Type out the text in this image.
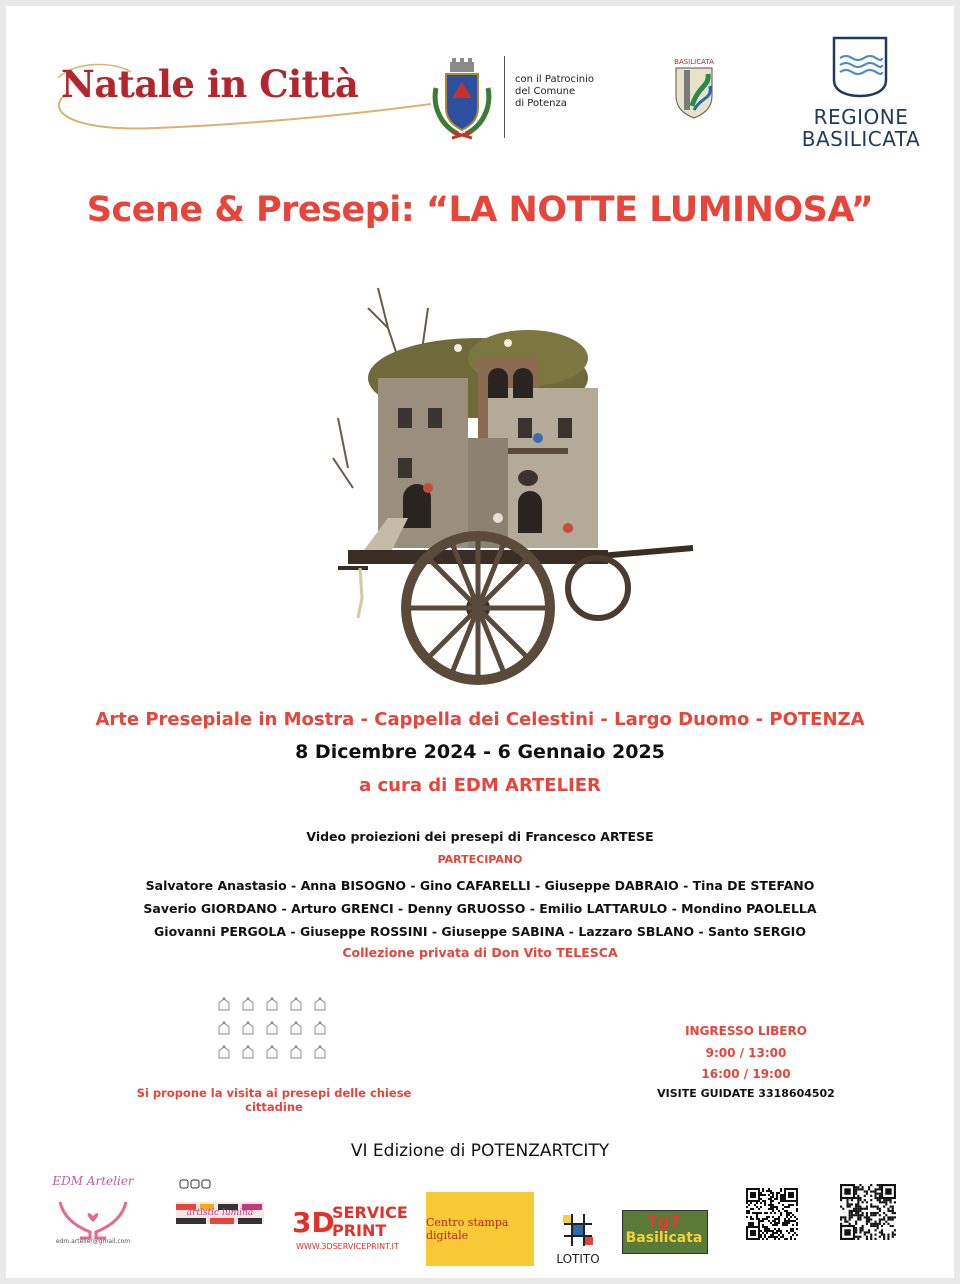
Natale in Città	con il Patrocinio
del Comune
di Potenza
BASILICATA
REGIONE
BASILICATA
Scene & Presepi: “LA NOTTE LUMINOSA”
Arte Presepiale in Mostra - Cappella dei Celestini - Largo Duomo - POTENZA
8 Dicembre 2024 - 6 Gennaio 2025
a cura di EDM ARTELIER
Video proiezioni dei presepi di Francesco ARTESE
PARTECIPANO
Salvatore Anastasio - Anna BISOGNO - Gino CAFARELLI - Giuseppe DABRAIO - Tina DE STEFANO
Saverio GIORDANO - Arturo GRENCI - Denny GRUOSSO - Emilio LATTARULO - Mondino PAOLELLA
Giovanni PERGOLA - Giuseppe ROSSINI - Giuseppe SABINA - Lazzaro SBLANO - Santo SERGIO
Collezione privata di Don Vito TELESCA
Si propone la visita ai presepi delle chiese cittadine
INGRESSO LIBERO
9:00 / 13:00
16:00 / 19:00
VISITE GUIDATE 3318604502
VI Edizione di POTENZARTCITY
EDM Artelier
edm.artelier@gmail.com
artistic lumina	3D
SERVICE
PRINT
WWW.3DSERVICEPRINT.IT
Centro stampa digitale
LOTITO
Tg7
Basilicata
